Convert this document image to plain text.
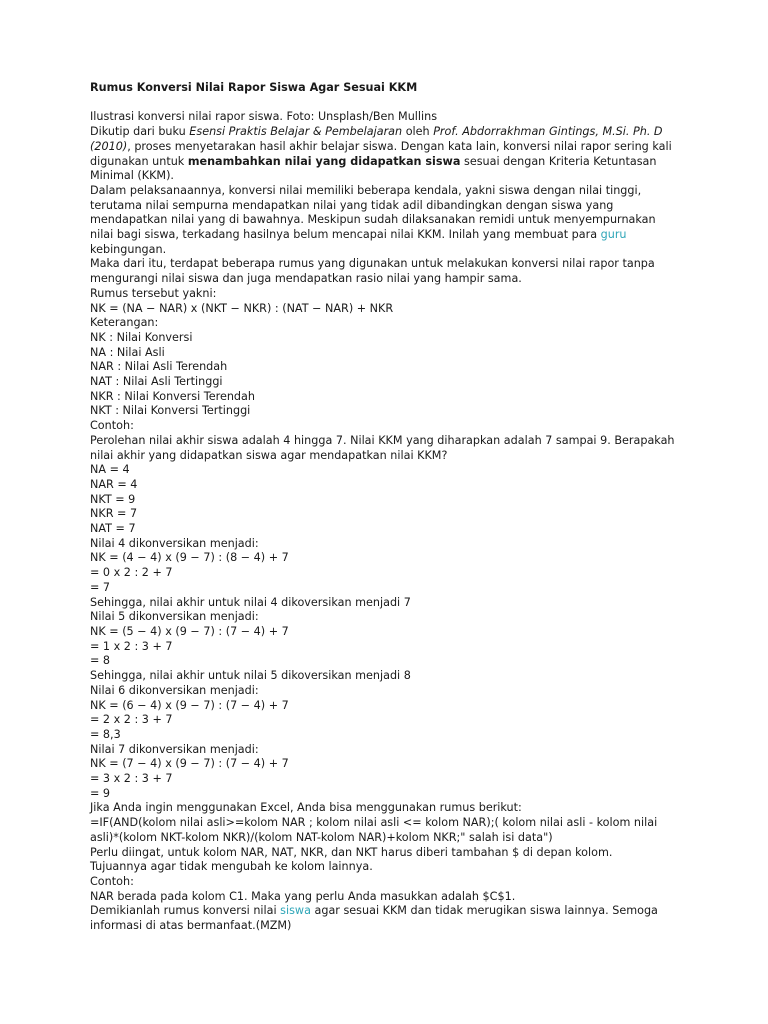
Rumus Konversi Nilai Rapor Siswa Agar Sesuai KKM
Ilustrasi konversi nilai rapor siswa. Foto: Unsplash/Ben Mullins
Dikutip dari buku Esensi Praktis Belajar & Pembelajaran oleh Prof. Abdorrakhman Gintings, M.Si. Ph. D (2010), proses menyetarakan hasil akhir belajar siswa. Dengan kata lain, konversi nilai rapor sering kali digunakan untuk menambahkan nilai yang didapatkan siswa sesuai dengan Kriteria Ketuntasan Minimal (KKM).
Dalam pelaksanaannya, konversi nilai memiliki beberapa kendala, yakni siswa dengan nilai tinggi, terutama nilai sempurna mendapatkan nilai yang tidak adil dibandingkan dengan siswa yang mendapatkan nilai yang di bawahnya. Meskipun sudah dilaksanakan remidi untuk menyempurnakan nilai bagi siswa, terkadang hasilnya belum mencapai nilai KKM. Inilah yang membuat para guru kebingungan.
Maka dari itu, terdapat beberapa rumus yang digunakan untuk melakukan konversi nilai rapor tanpa mengurangi nilai siswa dan juga mendapatkan rasio nilai yang hampir sama.
Rumus tersebut yakni:
NK = (NA − NAR) x (NKT − NKR) : (NAT − NAR) + NKR
Keterangan:
NK : Nilai Konversi
NA : Nilai Asli
NAR : Nilai Asli Terendah
NAT : Nilai Asli Tertinggi
NKR : Nilai Konversi Terendah
NKT : Nilai Konversi Tertinggi
Contoh:
Perolehan nilai akhir siswa adalah 4 hingga 7. Nilai KKM yang diharapkan adalah 7 sampai 9. Berapakah nilai akhir yang didapatkan siswa agar mendapatkan nilai KKM?
NA = 4
NAR = 4
NKT = 9
NKR = 7
NAT = 7
Nilai 4 dikonversikan menjadi:
NK = (4 − 4) x (9 − 7) : (8 − 4) + 7
= 0 x 2 : 2 + 7
= 7
Sehingga, nilai akhir untuk nilai 4 dikoversikan menjadi 7
Nilai 5 dikonversikan menjadi:
NK = (5 − 4) x (9 − 7) : (7 − 4) + 7
= 1 x 2 : 3 + 7
= 8
Sehingga, nilai akhir untuk nilai 5 dikoversikan menjadi 8
Nilai 6 dikonversikan menjadi:
NK = (6 − 4) x (9 − 7) : (7 − 4) + 7
= 2 x 2 : 3 + 7
= 8,3
Nilai 7 dikonversikan menjadi:
NK = (7 − 4) x (9 − 7) : (7 − 4) + 7
= 3 x 2 : 3 + 7
= 9
Jika Anda ingin menggunakan Excel, Anda bisa menggunakan rumus berikut:
=IF(AND(kolom nilai asli>=kolom NAR ; kolom nilai asli <= kolom NAR);( kolom nilai asli - kolom nilai asli)*(kolom NKT-kolom NKR)/(kolom NAT-kolom NAR)+kolom NKR;" salah isi data")
Perlu diingat, untuk kolom NAR, NAT, NKR, dan NKT harus diberi tambahan $ di depan kolom.
Tujuannya agar tidak mengubah ke kolom lainnya.
Contoh:
NAR berada pada kolom C1. Maka yang perlu Anda masukkan adalah $C$1.
Demikianlah rumus konversi nilai siswa agar sesuai KKM dan tidak merugikan siswa lainnya. Semoga informasi di atas bermanfaat.(MZM)
